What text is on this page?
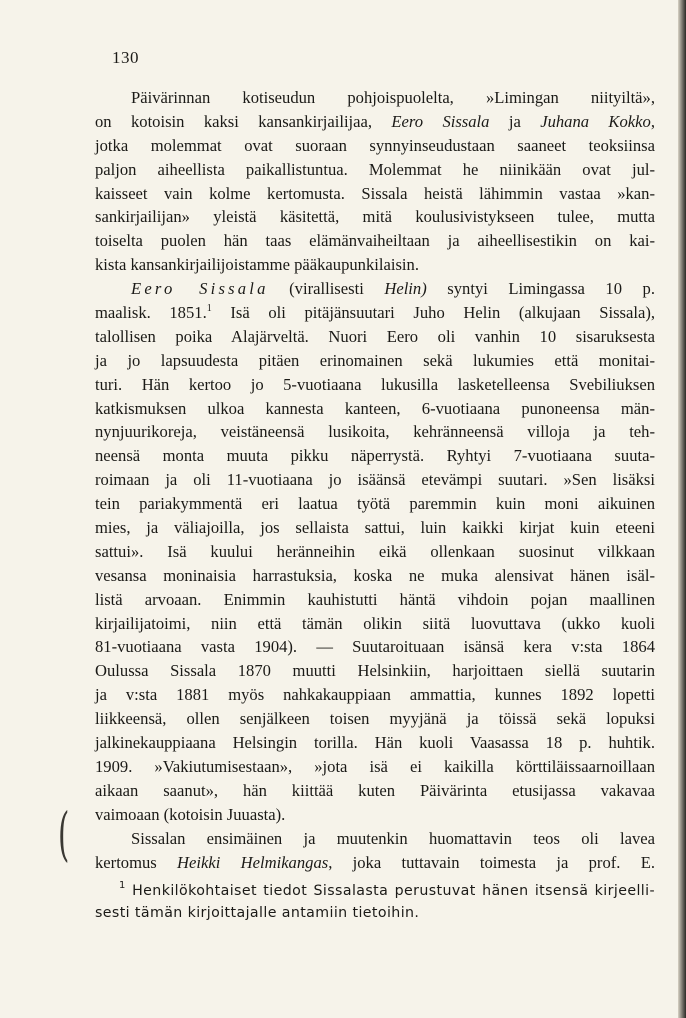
130
Päivärinnan kotiseudun pohjoispuolelta, »Limingan niityiltä»,
on kotoisin kaksi kansankirjailijaa, Eero Sissala ja Juhana Kokko,
jotka molemmat ovat suoraan synnyinseudustaan saaneet teoksiinsa
paljon aiheellista paikallistuntua. Molemmat he niinikään ovat jul-
kaisseet vain kolme kertomusta. Sissala heistä lähimmin vastaa »kan-
sankirjailijan» yleistä käsitettä, mitä koulusivistykseen tulee, mutta
toiselta puolen hän taas elämänvaiheiltaan ja aiheellisestikin on kai-
kista kansankirjailijoistamme pääkaupunkilaisin.
Eero Sissala (virallisesti Helin) syntyi Limingassa 10 p.
maalisk. 1851.$^1$ Isä oli pitäjänsuutari Juho Helin (alkujaan Sissala),
talollisen poika Alajärveltä. Nuori Eero oli vanhin 10 sisaruksesta
ja jo lapsuudesta pitäen erinomainen sekä lukumies että monitai-
turi. Hän kertoo jo 5-vuotiaana lukusilla lasketelleensa Svebiliuksen
katkismuksen ulkoa kannesta kanteen, 6-vuotiaana punoneensa män-
nynjuurikoreja, veistäneensä lusikoita, kehränneensä villoja ja teh-
neensä monta muuta pikku näperrystä. Ryhtyi 7-vuotiaana suuta-
roimaan ja oli 11-vuotiaana jo isäänsä etevämpi suutari. »Sen lisäksi
tein pariakymmentä eri laatua työtä paremmin kuin moni aikuinen
mies, ja väliajoilla, jos sellaista sattui, luin kaikki kirjat kuin eteeni
sattui». Isä kuului heränneihin eikä ollenkaan suosinut vilkkaan
vesansa moninaisia harrastuksia, koska ne muka alensivat hänen isäl-
listä arvoaan. Enimmin kauhistutti häntä vihdoin pojan maallinen
kirjailijatoimi, niin että tämän olikin siitä luovuttava (ukko kuoli
81-vuotiaana vasta 1904). — Suutaroituaan isänsä kera v:sta 1864
Oulussa Sissala 1870 muutti Helsinkiin, harjoittaen siellä suutarin
ja v:sta 1881 myös nahkakauppiaan ammattia, kunnes 1892 lopetti
liikkeensä, ollen senjälkeen toisen myyjänä ja töissä sekä lopuksi
jalkinekauppiaana Helsingin torilla. Hän kuoli Vaasassa 18 p. huhtik.
1909. »Vakiutumisestaan», »jota isä ei kaikilla körttiläissaarnoillaan
aikaan saanut», hän kiittää kuten Päivärinta etusijassa vakavaa
vaimoaan (kotoisin Juuasta).
Sissalan ensimäinen ja muutenkin huomattavin teos oli lavea
kertomus Heikki Helmikangas, joka tuttavain toimesta ja prof. E.
(
$^1$ Henkilökohtaiset tiedot Sissalasta perustuvat hänen itsensä kirjeelli-
sesti tämän kirjoittajalle antamiin tietoihin.
